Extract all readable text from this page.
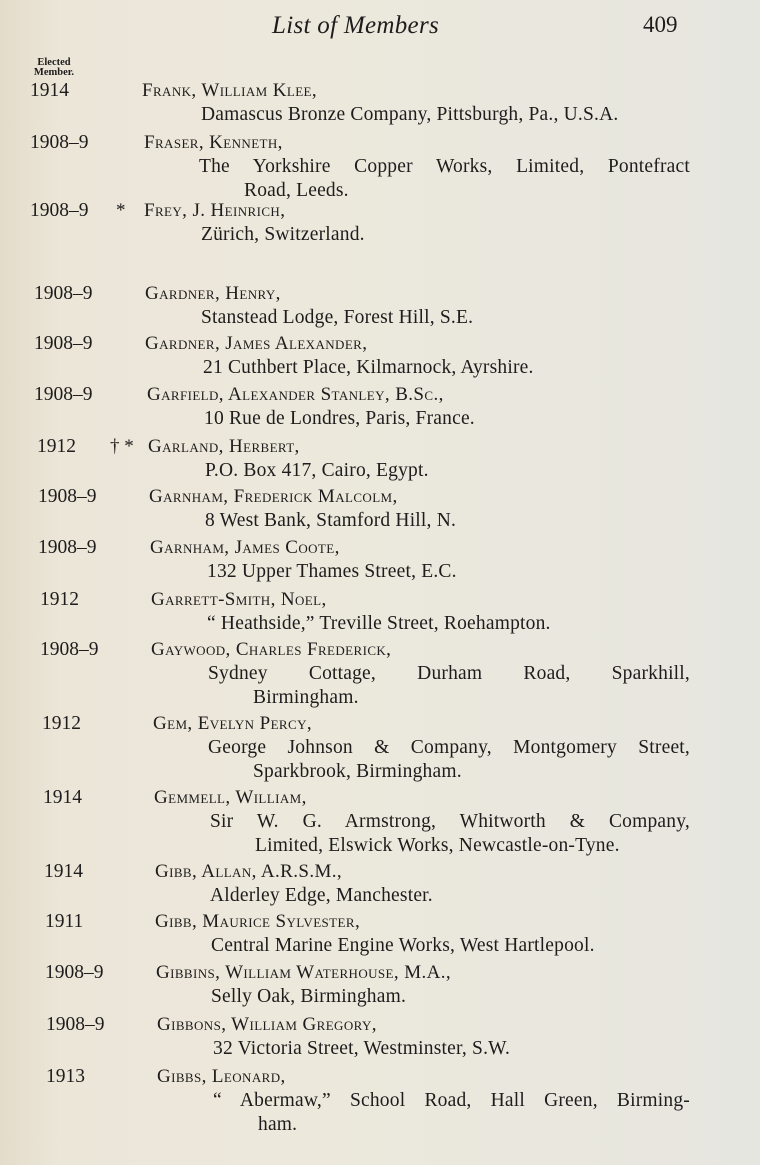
List of Members	409
Elected
Member.
1914	Frank, William Klee,
Damascus Bronze Company, Pittsburgh, Pa., U.S.A.
1908–9	Fraser, Kenneth,
The Yorkshire Copper Works, Limited, Pontefract
Road, Leeds.
1908–9 * Frey, J. Heinrich,
Zürich, Switzerland.
1908–9	Gardner, Henry,
Stanstead Lodge, Forest Hill, S.E.
1908–9	Gardner, James Alexander,
21 Cuthbert Place, Kilmarnock, Ayrshire.
1908–9	Garfield, Alexander Stanley, B.Sc.,
10 Rue de Londres, Paris, France.
1912 † * Garland, Herbert,
P.O. Box 417, Cairo, Egypt.
1908–9	Garnham, Frederick Malcolm,
8 West Bank, Stamford Hill, N.
1908–9	Garnham, James Coote,
132 Upper Thames Street, E.C.
1912	Garrett-Smith, Noel,
“ Heathside,” Treville Street, Roehampton.
1908–9	Gaywood, Charles Frederick,
Sydney Cottage, Durham Road, Sparkhill,
Birmingham.
1912	Gem, Evelyn Percy,
George Johnson & Company, Montgomery Street,
Sparkbrook, Birmingham.
1914	Gemmell, William,
Sir W. G. Armstrong, Whitworth & Company,
Limited, Elswick Works, Newcastle-on-Tyne.
1914	Gibb, Allan, A.R.S.M.,
Alderley Edge, Manchester.
1911	Gibb, Maurice Sylvester,
Central Marine Engine Works, West Hartlepool.
1908–9	Gibbins, William Waterhouse, M.A.,
Selly Oak, Birmingham.
1908–9	Gibbons, William Gregory,
32 Victoria Street, Westminster, S.W.
1913	Gibbs, Leonard,
“ Abermaw,” School Road, Hall Green, Birming-
ham.
